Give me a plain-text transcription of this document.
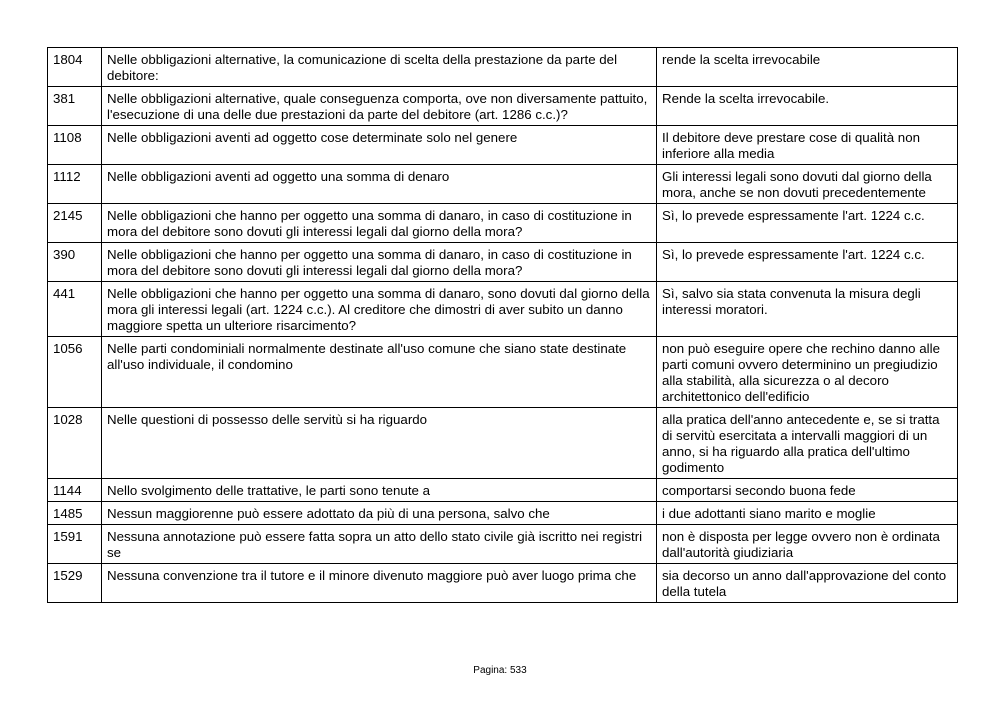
1804	Nelle obbligazioni alternative, la comunicazione di scelta della prestazione da parte del debitore:	rende la scelta irrevocabile
381	Nelle obbligazioni alternative, quale conseguenza comporta, ove non diversamente pattuito, l'esecuzione di una delle due prestazioni da parte del debitore (art. 1286 c.c.)?	Rende la scelta irrevocabile.
1108	Nelle obbligazioni aventi ad oggetto cose determinate solo nel genere	Il debitore deve prestare cose di qualità non inferiore alla media
1112	Nelle obbligazioni aventi ad oggetto una somma di denaro	Gli interessi legali sono dovuti dal giorno della mora, anche se non dovuti precedentemente
2145	Nelle obbligazioni che hanno per oggetto una somma di danaro, in caso di costituzione in mora del debitore sono dovuti gli interessi legali dal giorno della mora?	Sì, lo prevede espressamente l'art. 1224 c.c.
390	Nelle obbligazioni che hanno per oggetto una somma di danaro, in caso di costituzione in mora del debitore sono dovuti gli interessi legali dal giorno della mora?	Sì, lo prevede espressamente l'art. 1224 c.c.
441	Nelle obbligazioni che hanno per oggetto una somma di danaro, sono dovuti dal giorno della mora gli interessi legali (art. 1224 c.c.). Al creditore che dimostri di aver subito un danno maggiore spetta un ulteriore risarcimento?	Sì, salvo sia stata convenuta la misura degli interessi moratori.
1056	Nelle parti condominiali normalmente destinate all'uso comune che siano state destinate all'uso individuale, il condomino	non può eseguire opere che rechino danno alle parti comuni ovvero determinino un pregiudizio alla stabilità, alla sicurezza o al decoro architettonico dell'edificio
1028	Nelle questioni di possesso delle servitù si ha riguardo	alla pratica dell'anno antecedente e, se si tratta di servitù esercitata a intervalli maggiori di un anno, si ha riguardo alla pratica dell'ultimo godimento
1144	Nello svolgimento delle trattative, le parti sono tenute a	comportarsi secondo buona fede
1485	Nessun maggiorenne può essere adottato da più di una persona, salvo che	i due adottanti siano marito e moglie
1591	Nessuna annotazione può essere fatta sopra un atto dello stato civile già iscritto nei registri se	non è disposta per legge ovvero non è ordinata dall'autorità giudiziaria
1529	Nessuna convenzione tra il tutore e il minore divenuto maggiore può aver luogo prima che	sia decorso un anno dall'approvazione del conto della tutela
Pagina: 533
